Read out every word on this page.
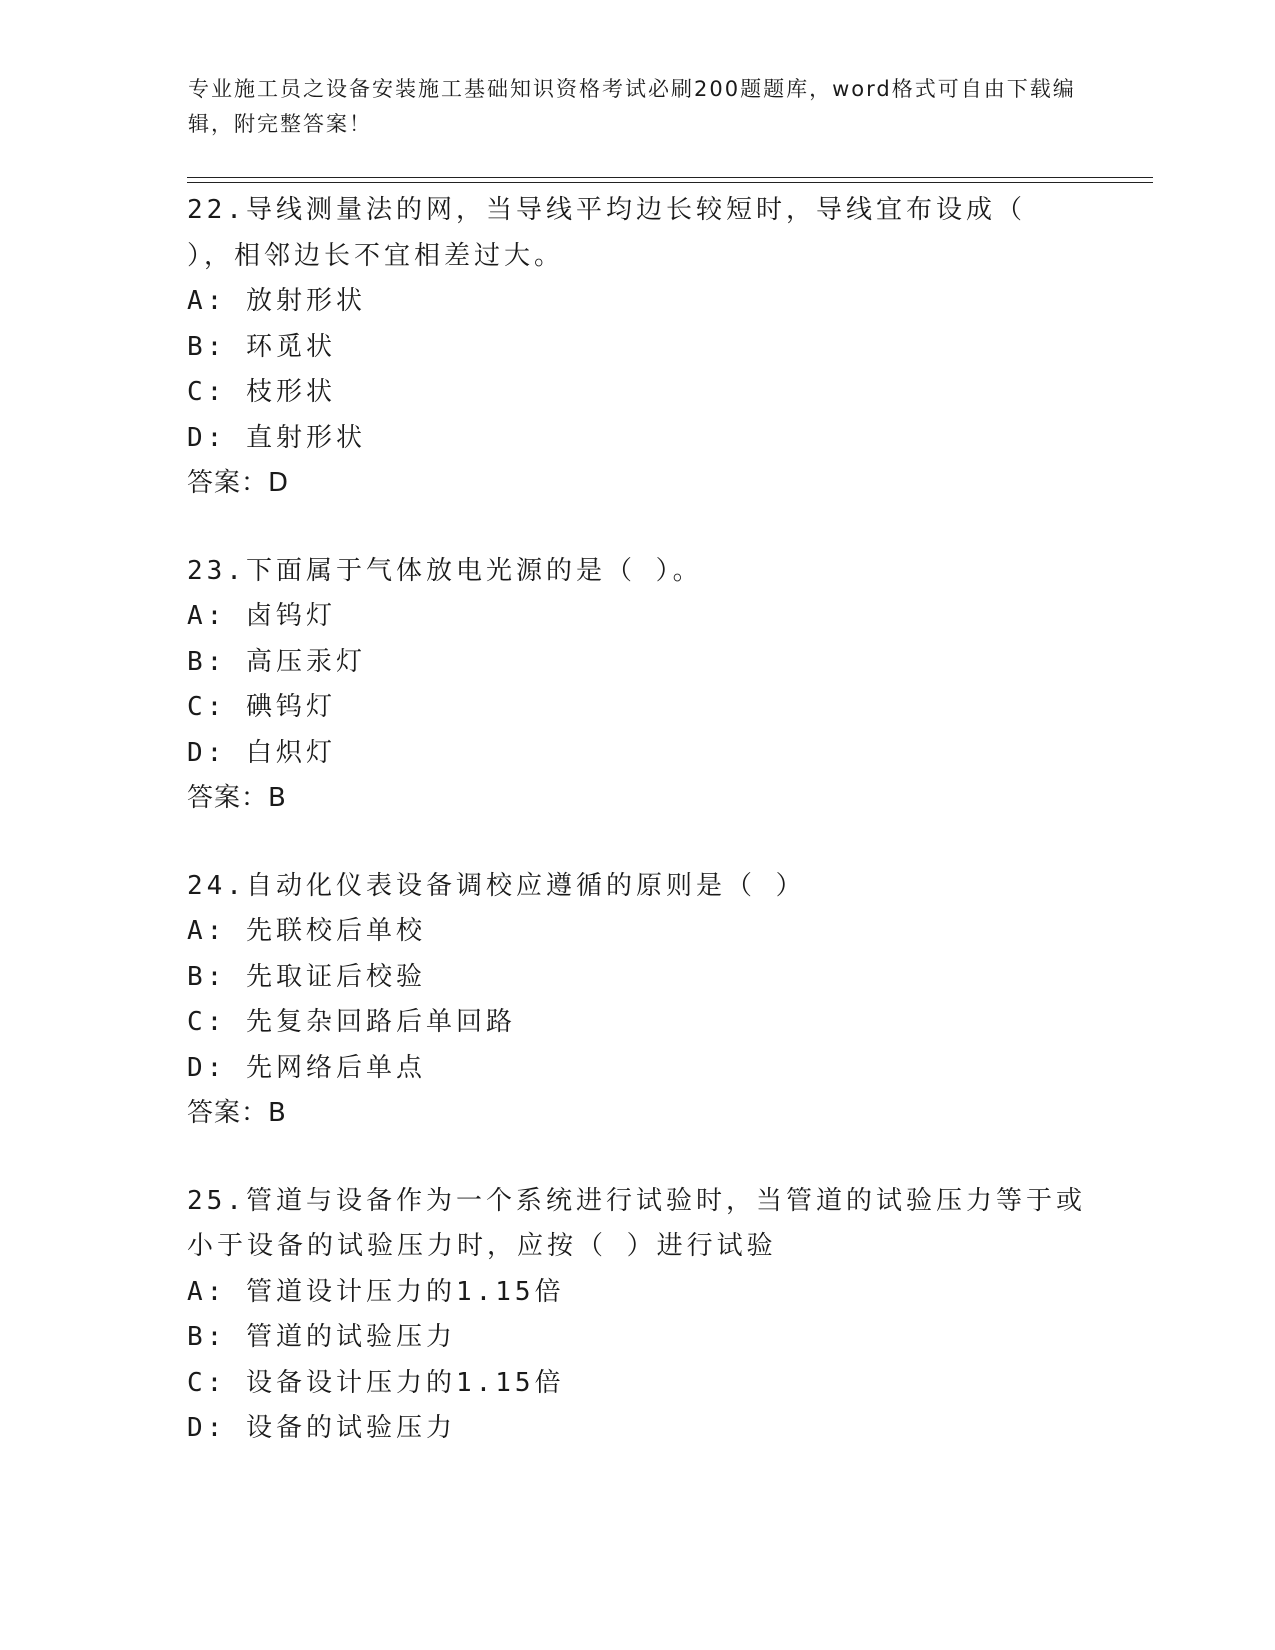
专业施工员之设备安装施工基础知识资格考试必刷200题题库，word格式可自由下载编辑，附完整答案！
22.导线测量法的网，当导线平均边长较短时，导线宜布设成（ ），相邻边长不宜相差过大。
A: 放射形状
B: 环觅状
C: 枝形状
D: 直射形状
答案：D
23.下面属于气体放电光源的是（ ）。
A: 卤钨灯
B: 高压汞灯
C: 碘钨灯
D: 白炽灯
答案：B
24.自动化仪表设备调校应遵循的原则是（ ）
A: 先联校后单校
B: 先取证后校验
C: 先复杂回路后单回路
D: 先网络后单点
答案：B
25.管道与设备作为一个系统进行试验时，当管道的试验压力等于或小于设备的试验压力时，应按（ ）进行试验
A: 管道设计压力的1.15倍
B: 管道的试验压力
C: 设备设计压力的1.15倍
D: 设备的试验压力
